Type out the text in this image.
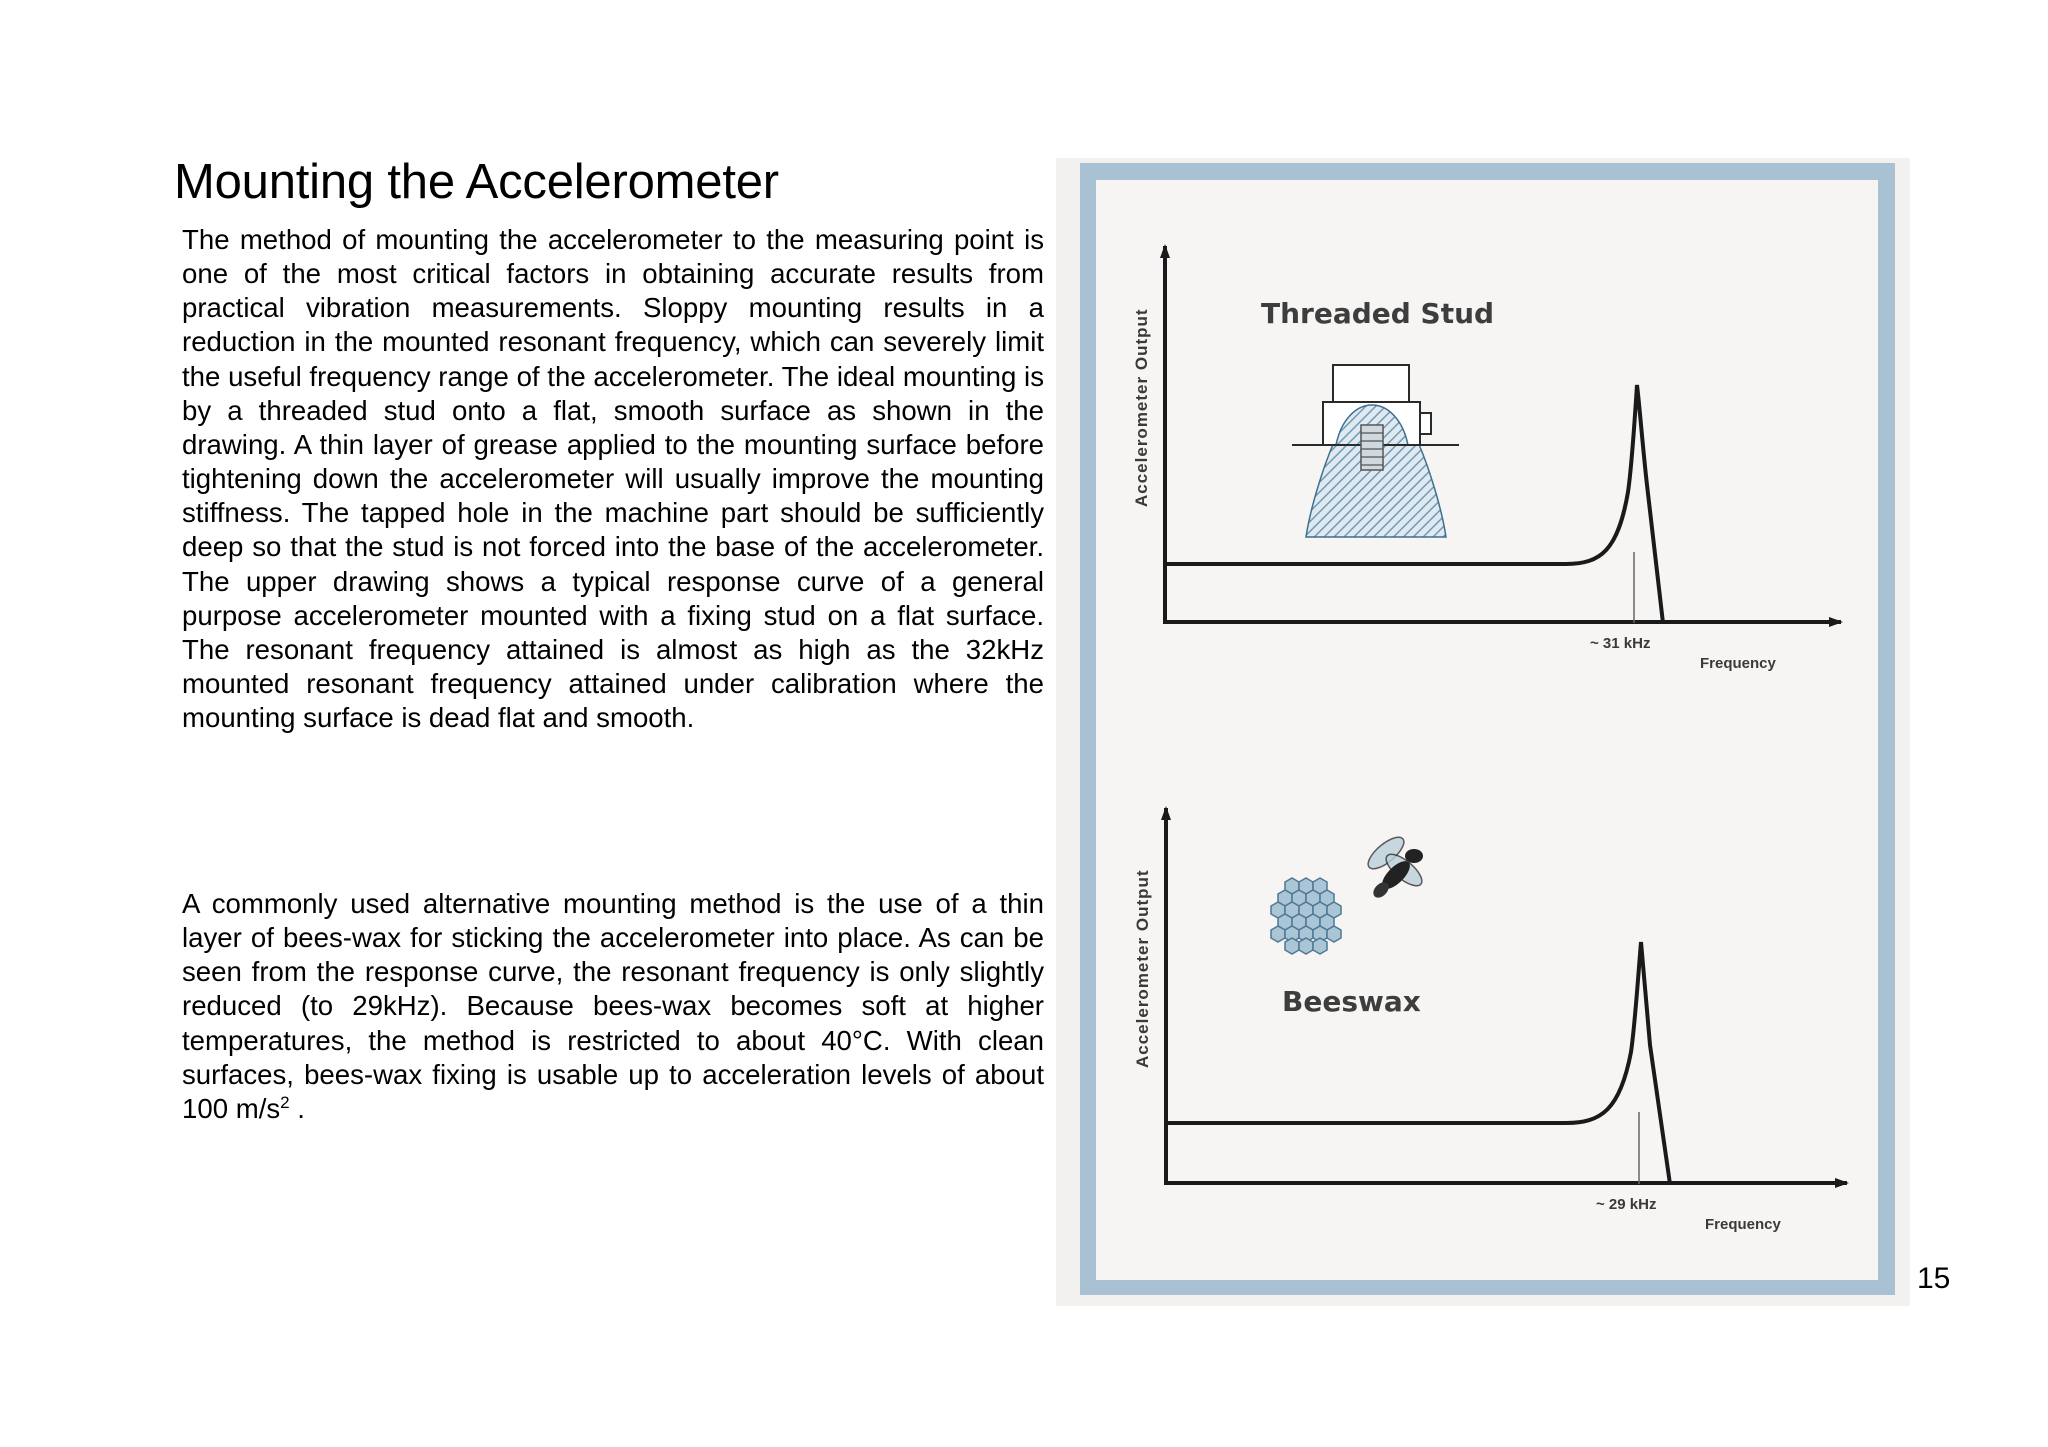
Mounting the Accelerometer

The method of mounting the accelerometer to the measuring point is one of the most critical factors in obtaining accurate results from practical vibration measurements. Sloppy mounting results in a reduction in the mounted resonant frequency, which can severely limit the useful frequency range of the accelerometer. The ideal mounting is by a threaded stud onto a flat, smooth surface as shown in the drawing. A thin layer of grease applied to the mounting surface before tightening down the accelerometer will usually improve the mounting stiffness. The tapped hole in the machine part should be sufficiently deep so that the stud is not forced into the base of the accelerometer. The upper drawing shows a typical response curve of a general purpose accelerometer mounted with a fixing stud on a flat surface. The resonant frequency attained is almost as high as the 32kHz mounted resonant frequency attained under calibration where the mounting surface is dead flat and smooth.

A commonly used alternative mounting method is the use of a thin layer of bees-wax for sticking the accelerometer into place. As can be seen from the response curve, the resonant frequency is only slightly reduced (to 29kHz). Because bees-wax becomes soft at higher temperatures, the method is restricted to about 40°C. With clean surfaces, bees-wax fixing is usable up to acceleration levels of about 100 $m/s^2$ .

Accelerometer Output	Threaded Stud
~ 31 kHz
Frequency
Accelerometer Output	Beeswax
~ 29 kHz
Frequency
15
